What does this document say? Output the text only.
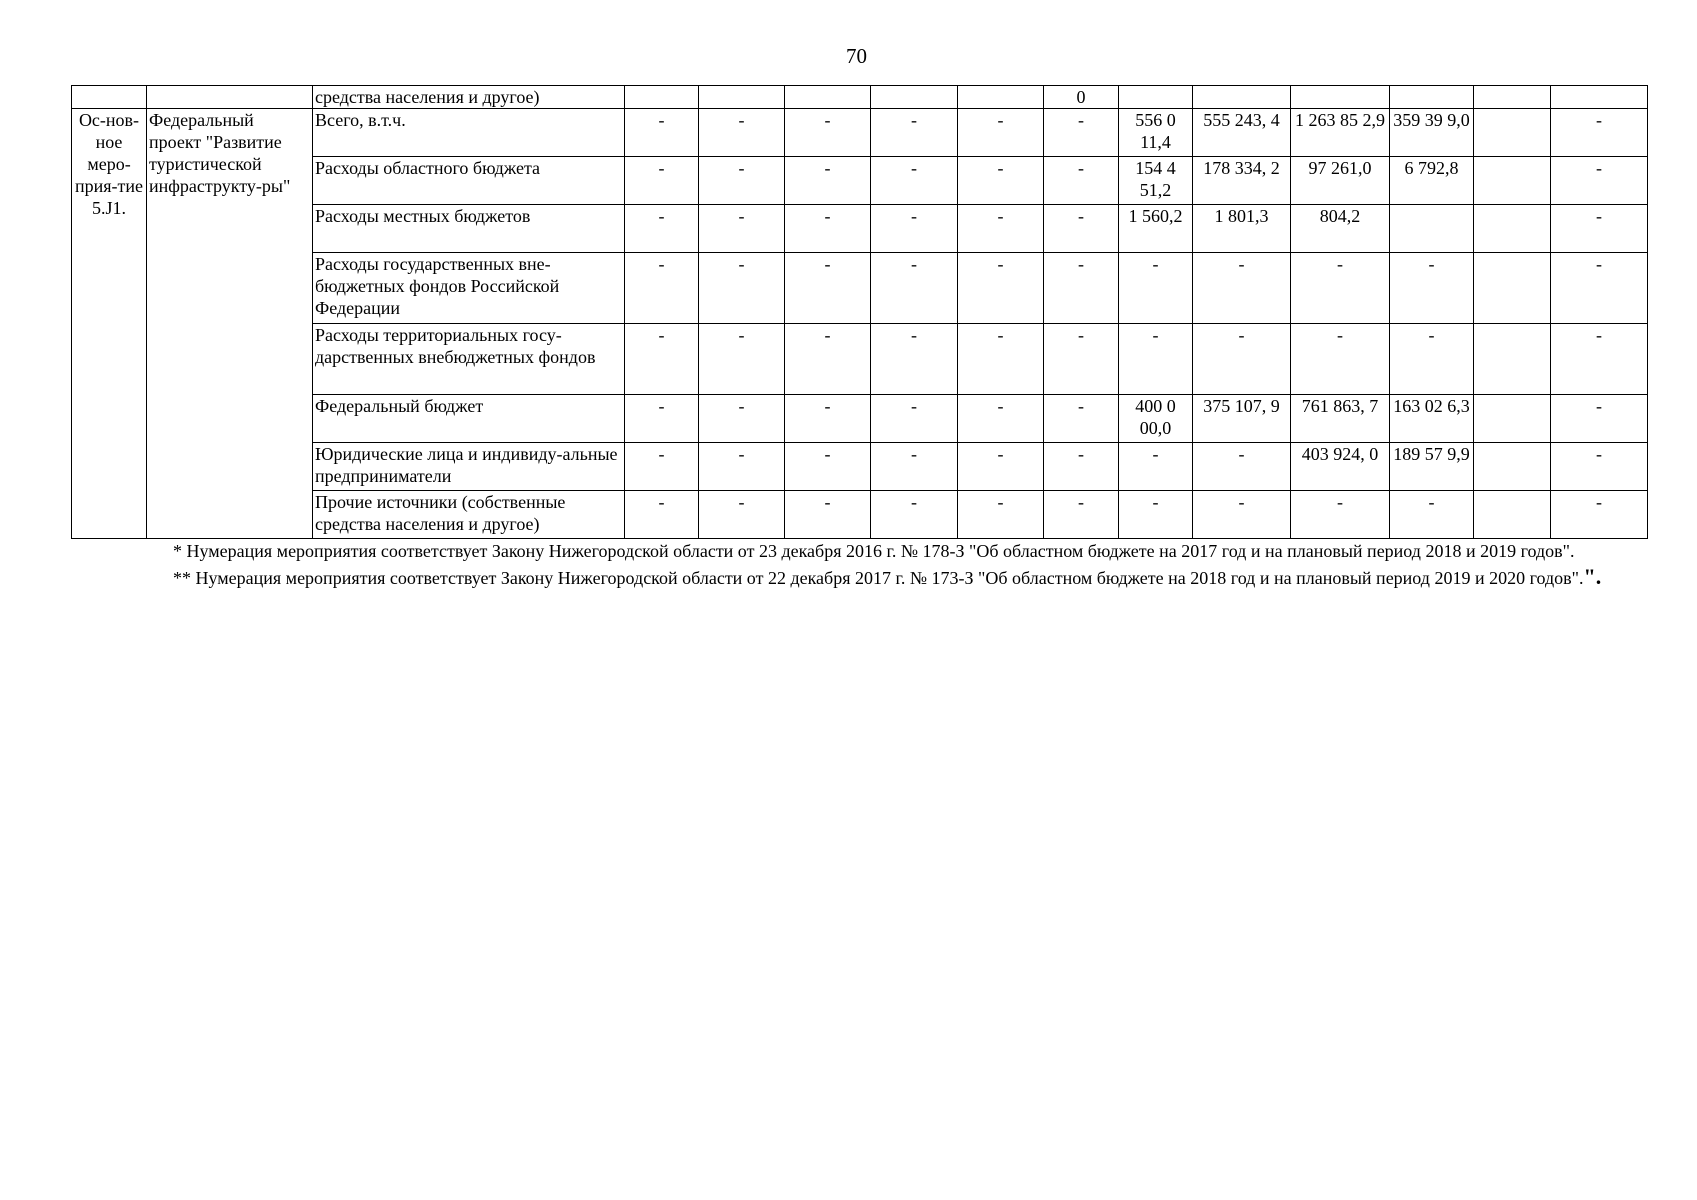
70
		средства населения и другое)						0						
Ос-нов-ное меро-прия-тие 5.J1.	Федеральный проект "Развитие туристической инфраструкту-ры"	Всего, в.т.ч.	-	-	-	-	-	-	556 0 11,4	555 243, 4	1 263 85 2,9	359 39 9,0		-
		Расходы областного бюджета	-	-	-	-	-	-	154 4 51,2	178 334, 2	97 261,0	6 792,8		-
		Расходы местных бюджетов	-	-	-	-	-	-	1 560,2	1 801,3	804,2			-
		Расходы государственных вне-бюджетных фондов Российской Федерации	-	-	-	-	-	-	-	-	-	-		-
		Расходы территориальных госу-дарственных внебюджетных фондов	-	-	-	-	-	-	-	-	-	-		-
		Федеральный бюджет	-	-	-	-	-	-	400 0 00,0	375 107, 9	761 863, 7	163 02 6,3		-
		Юридические лица и индивиду-альные предприниматели	-	-	-	-	-	-	-	-	403 924, 0	189 57 9,9		-
		Прочие источники (собственные средства населения и другое)	-	-	-	-	-	-	-	-	-	-		-

* Нумерация мероприятия соответствует Закону Нижегородской области от 23 декабря 2016 г. № 178-З "Об областном бюджете на 2017 год и на плановый период 2018 и 2019 годов".

** Нумерация мероприятия соответствует Закону Нижегородской области от 22 декабря 2017 г. № 173-З "Об областном бюджете на 2018 год и на плановый период 2019 и 2020 годов".".
